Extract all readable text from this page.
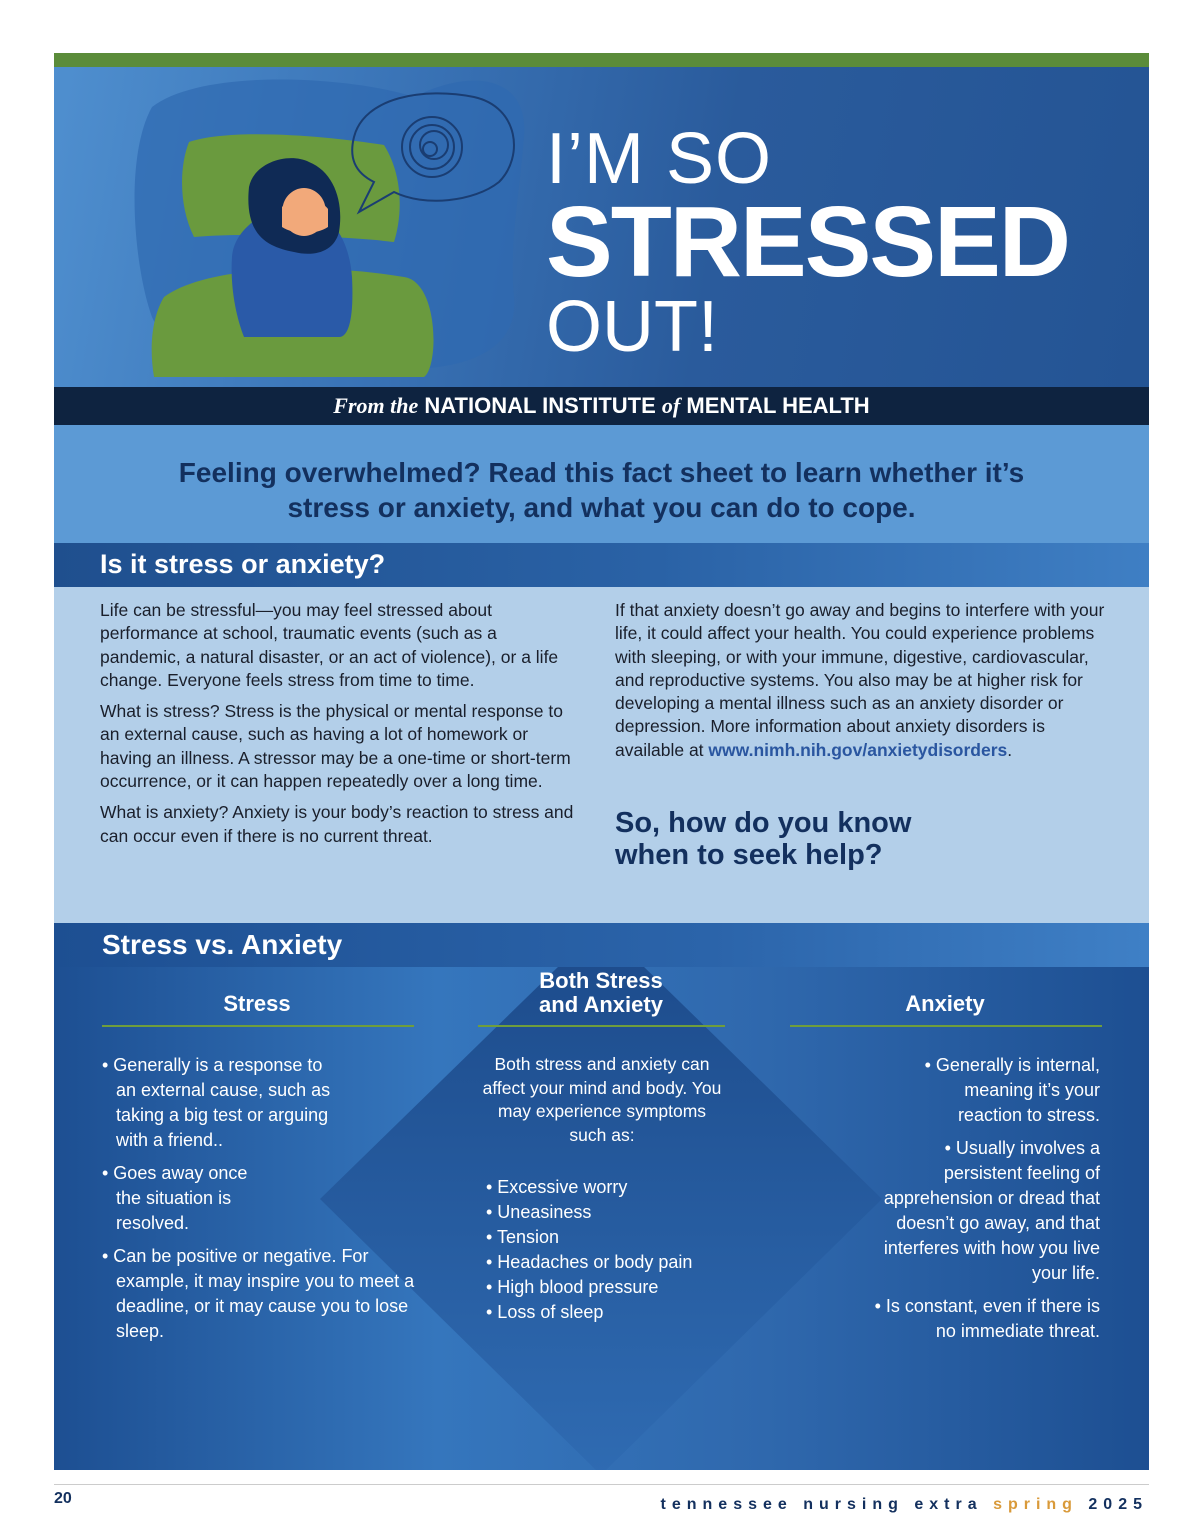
I’M SO
STRESSED
OUT!
From the NATIONAL INSTITUTE of MENTAL HEALTH
Feeling overwhelmed? Read this fact sheet to learn whether it’s
stress or anxiety, and what you can do to cope.
Is it stress or anxiety?

Life can be stressful—you may feel stressed about performance at school, traumatic events (such as a pandemic, a natural disaster, or an act of violence), or a life change. Everyone feels stress from time to time.

What is stress? Stress is the physical or mental response to an external cause, such as having a lot of homework or having an illness. A stressor may be a one-time or short-term occurrence, or it can happen repeatedly over a long time.

What is anxiety? Anxiety is your body’s reaction to stress and can occur even if there is no current threat.

If that anxiety doesn’t go away and begins to interfere with your life, it could affect your health. You could experience problems with sleeping, or with your immune, digestive, cardiovascular, and reproductive systems. You also may be at higher risk for developing a mental illness such as an anxiety disorder or depression. More information about anxiety disorders is available at www.nimh.nih.gov/anxietydisorders.

So, how do you know
when to seek help?
Stress vs. Anxiety
Stress
• Generally is a response to an external cause, such as taking a big test or arguing with a friend..
• Goes away once the situation is resolved.
• Can be positive or negative. For example, it may inspire you to meet a deadline, or it may cause you to lose sleep.
Both Stress
and Anxiety
Both stress and anxiety can affect your mind and body. You may experience symptoms such as:
• Excessive worry
• Uneasiness
• Tension
• Headaches or body pain
• High blood pressure
• Loss of sleep
Anxiety
• Generally is internal, meaning it’s your reaction to stress.
• Usually involves a persistent feeling of apprehension or dread that doesn’t go away, and that interferes with how you live your life.
• Is constant, even if there is no immediate threat.
20	tennessee nursing extra spring 2025
